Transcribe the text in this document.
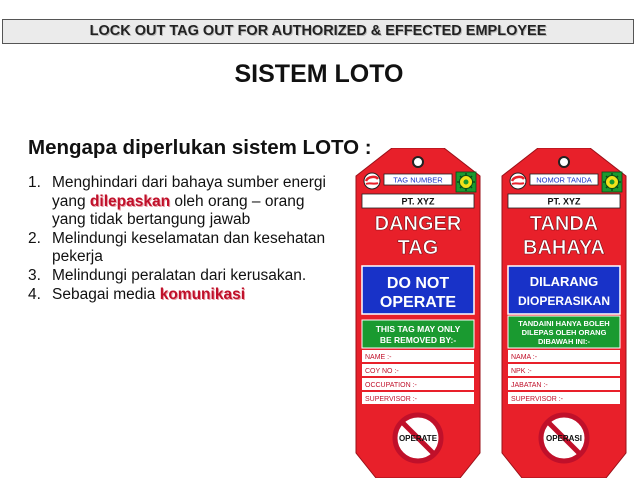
LOCK OUT TAG OUT FOR AUTHORIZED & EFFECTED EMPLOYEE
SISTEM LOTO
Mengapa diperlukan sistem LOTO :
1. Menghindari dari bahaya sumber energi yang dilepaskan oleh orang – orang yang tidak bertangung jawab
2. Melindungi keselamatan dan kesehatan pekerja
3. Melindungi peralatan dari kerusakan.
4. Sebagai media komunikasi
TAG NUMBER
PT. XYZ
DANGER
TAG
DO NOT
OPERATE
THIS TAG MAY ONLY
BE REMOVED BY:-
NAME :-
COY NO :-
OCCUPATION :-
SUPERVISOR :-
OPERATE
NOMOR TANDA
PT. XYZ
TANDA
BAHAYA
DILARANG
DIOPERASIKAN
TANDAINI HANYA BOLEH
DILEPAS OLEH ORANG
DIBAWAH INI:-
NAMA :-
NPK :-
JABATAN :-
SUPERVISOR :-
OPERASI
